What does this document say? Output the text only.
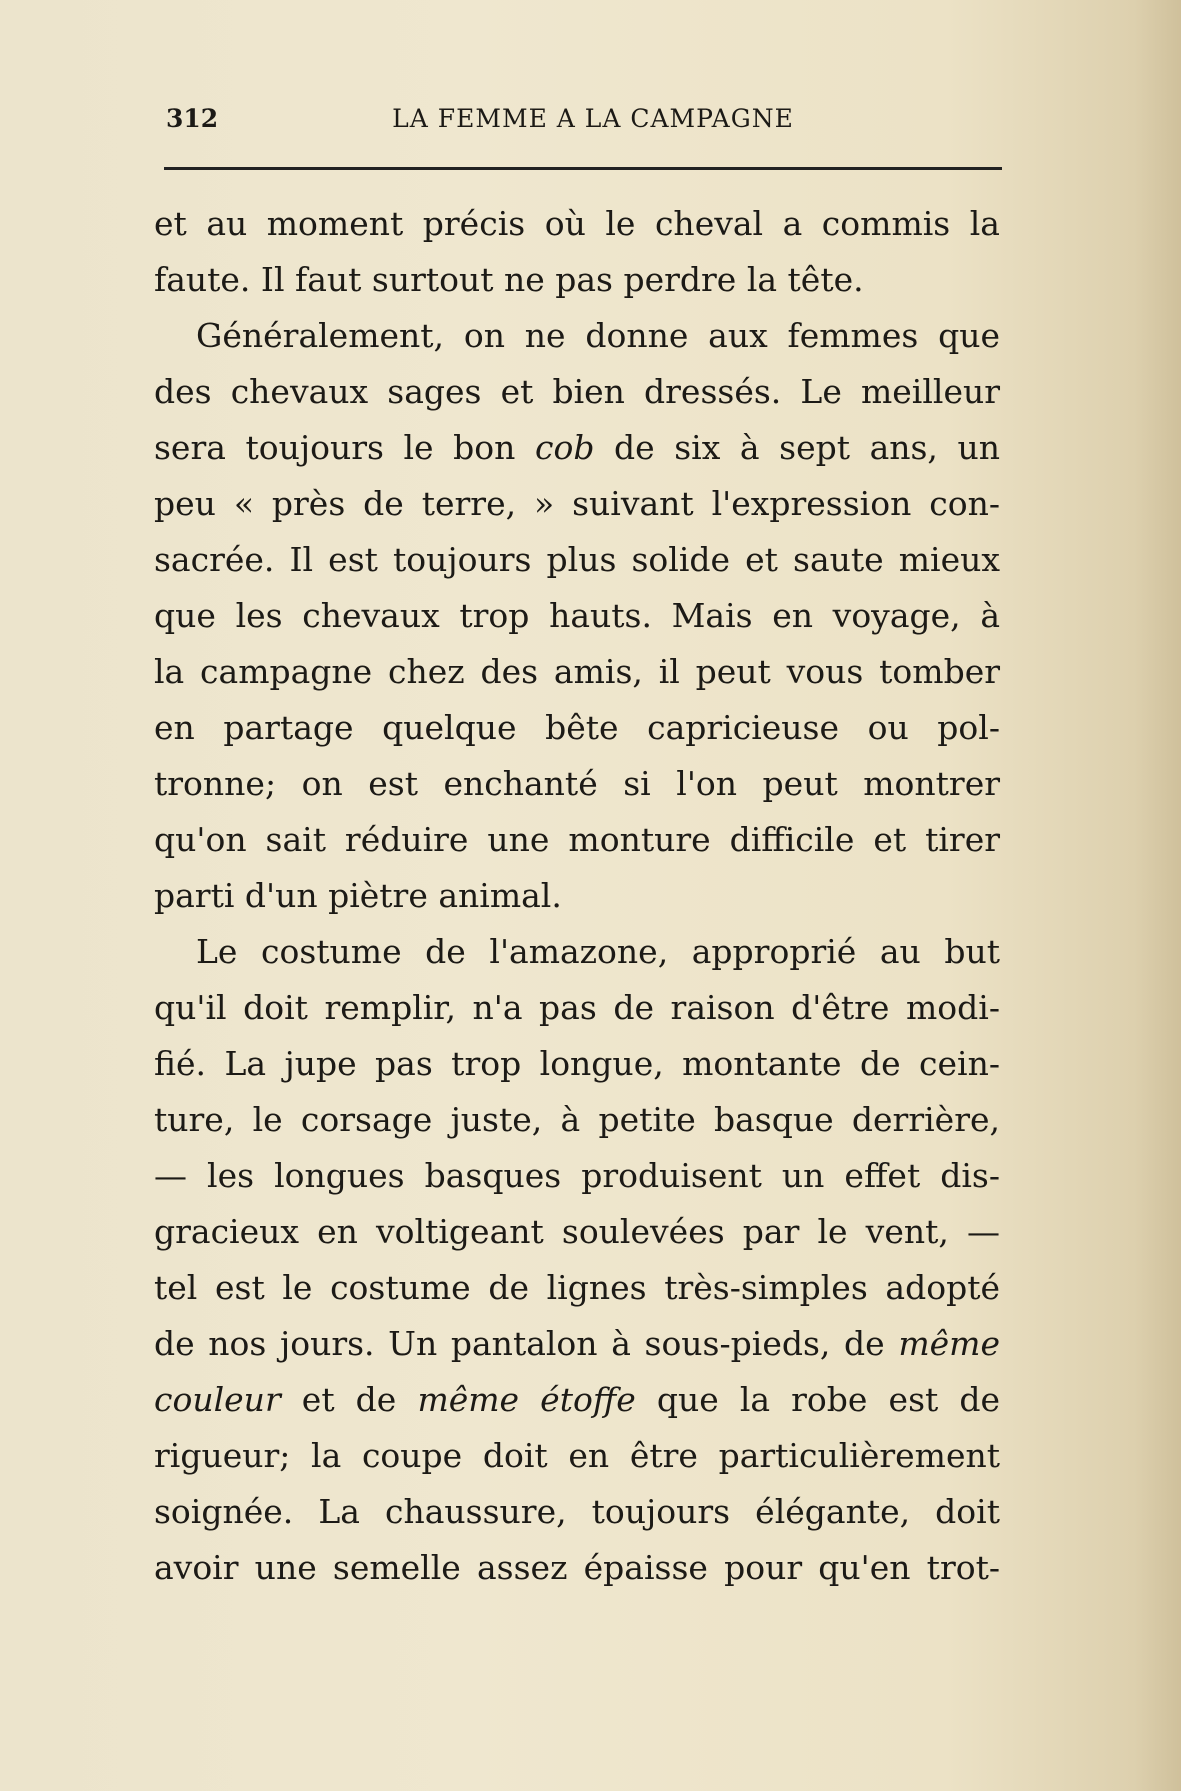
312	LA FEMME A LA CAMPAGNE
et au moment précis où le cheval a commis la
faute. Il faut surtout ne pas perdre la tête.
Généralement, on ne donne aux femmes que
des chevaux sages et bien dressés. Le meilleur
sera toujours le bon cob de six à sept ans, un
peu « près de terre, » suivant l'expression con-
sacrée. Il est toujours plus solide et saute mieux
que les chevaux trop hauts. Mais en voyage, à
la campagne chez des amis, il peut vous tomber
en partage quelque bête capricieuse ou pol-
tronne; on est enchanté si l'on peut montrer
qu'on sait réduire une monture difficile et tirer
parti d'un piètre animal.
Le costume de l'amazone, approprié au but
qu'il doit remplir, n'a pas de raison d'être modi-
fié. La jupe pas trop longue, montante de cein-
ture, le corsage juste, à petite basque derrière,
— les longues basques produisent un effet dis-
gracieux en voltigeant soulevées par le vent, —
tel est le costume de lignes très-simples adopté
de nos jours. Un pantalon à sous-pieds, de même
couleur et de même étoffe que la robe est de
rigueur; la coupe doit en être particulièrement
soignée. La chaussure, toujours élégante, doit
avoir une semelle assez épaisse pour qu'en trot-
